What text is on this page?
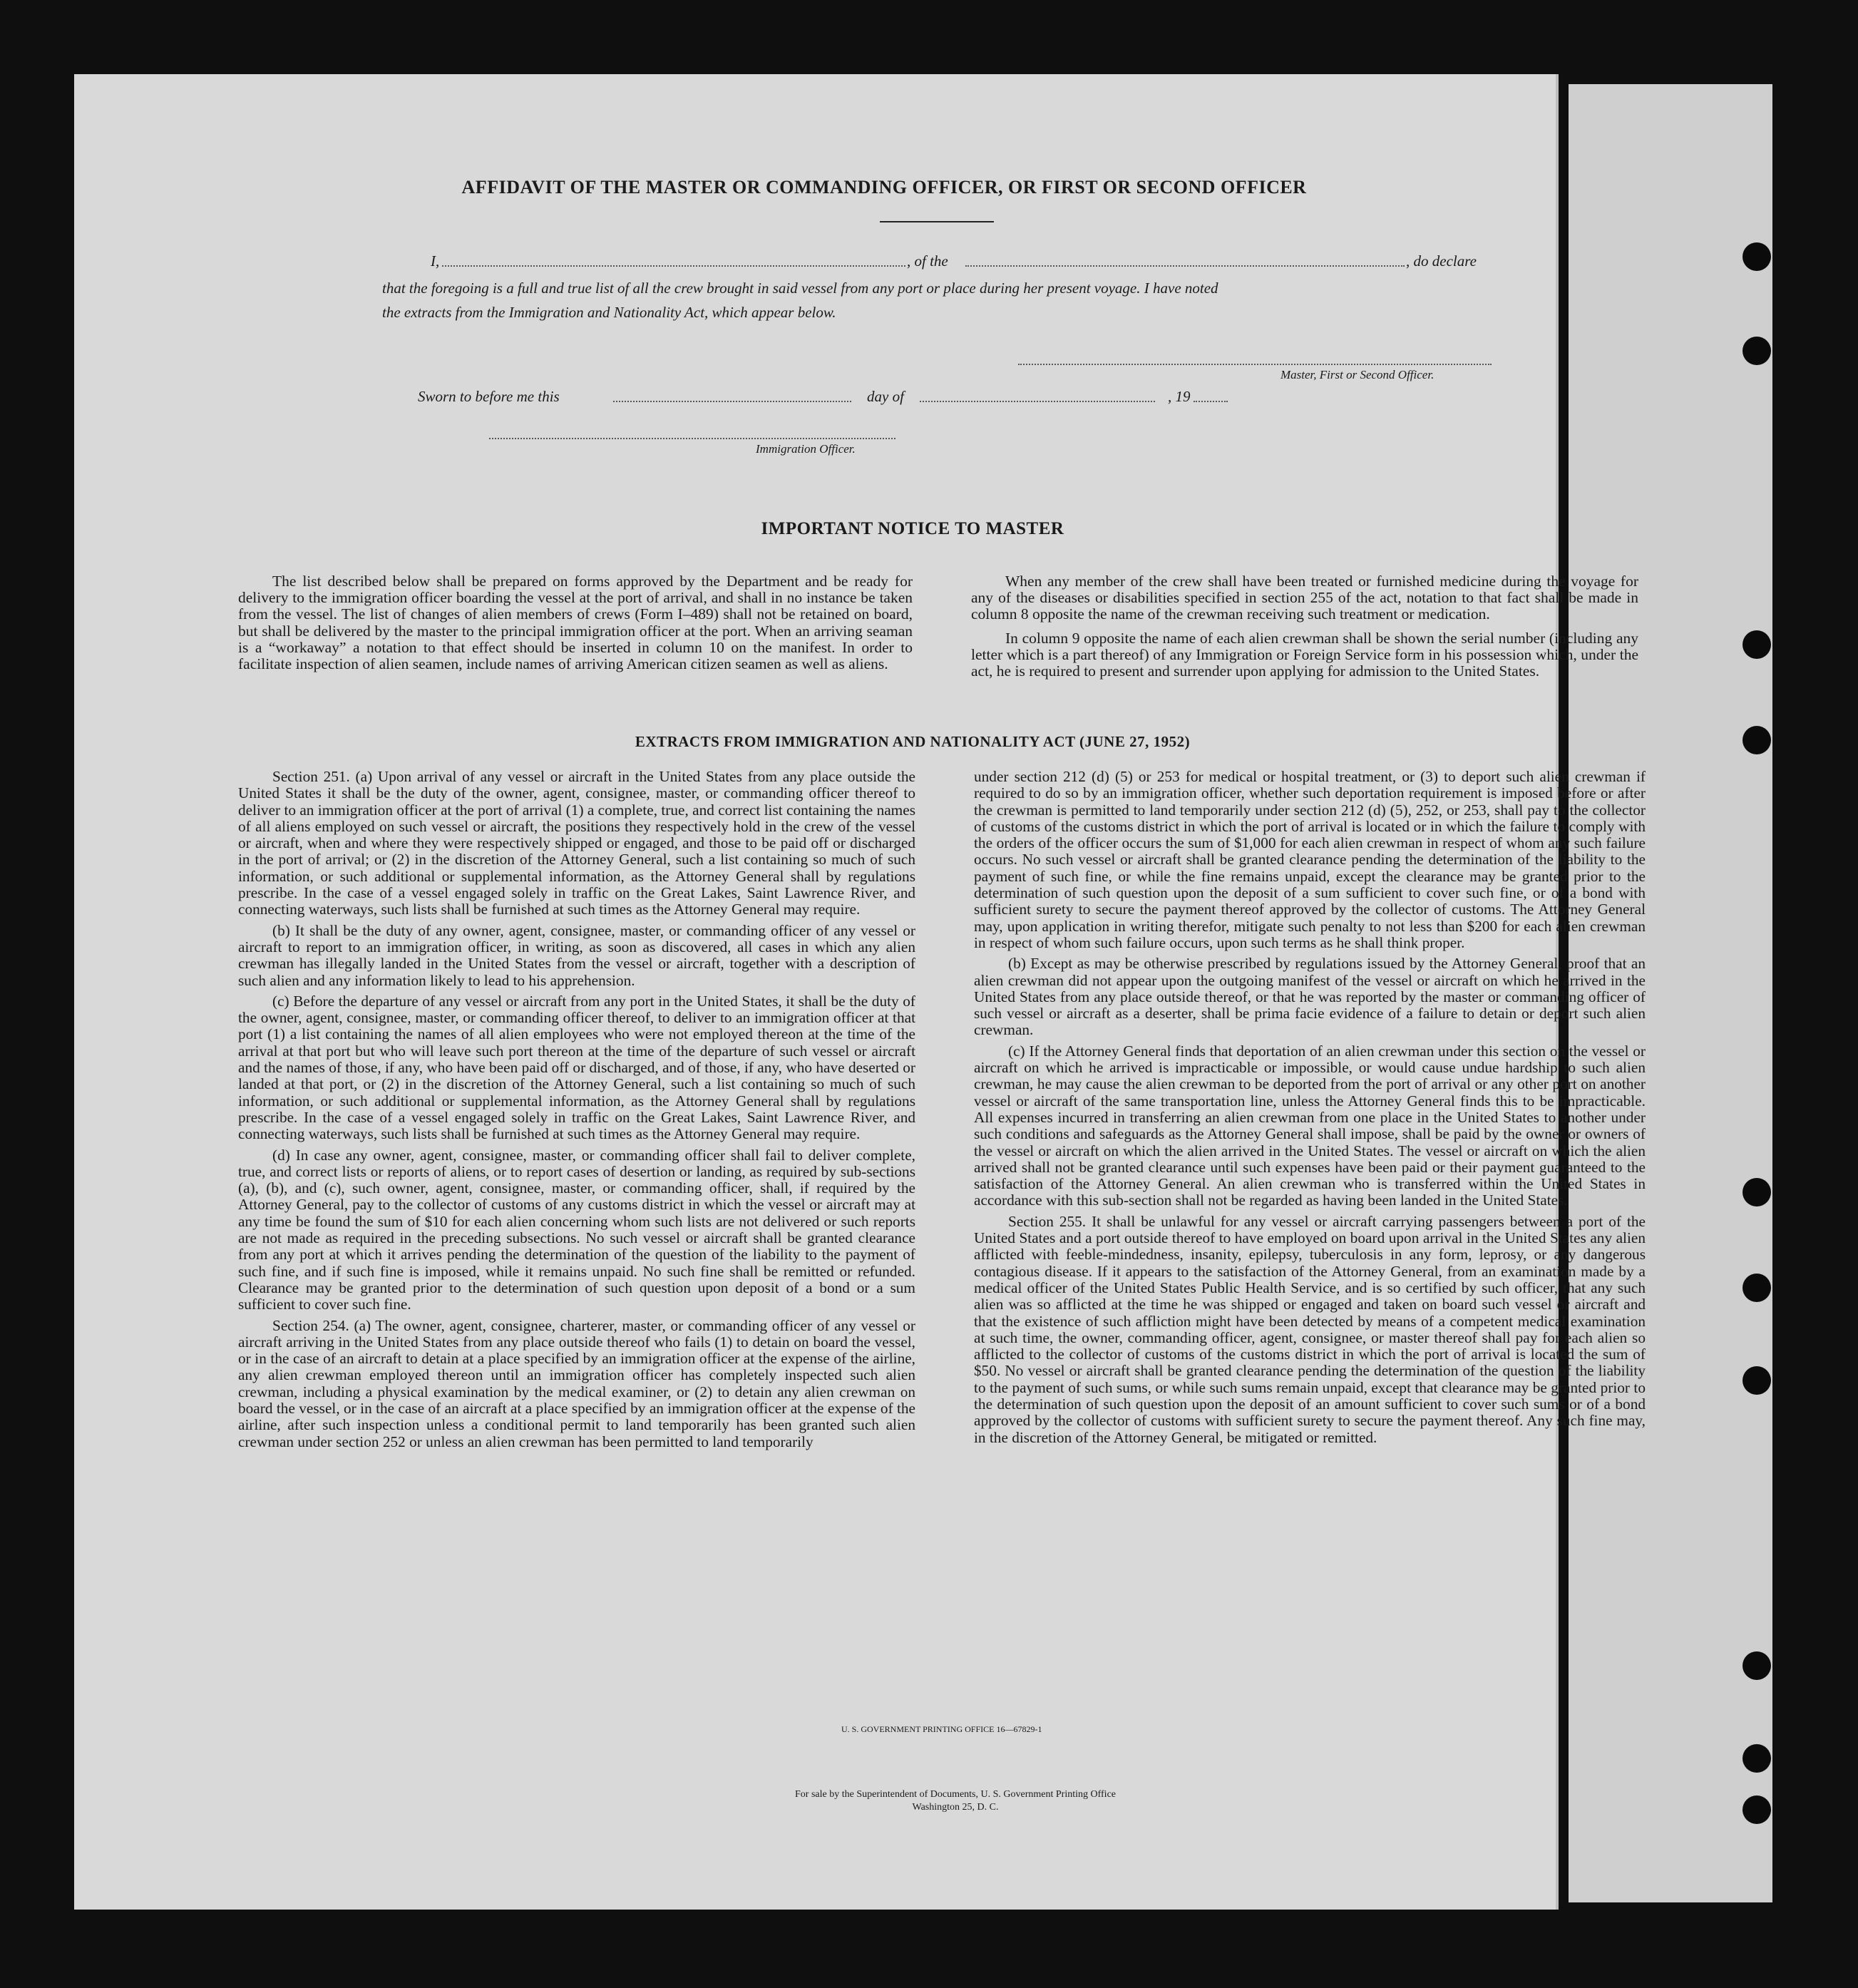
AFFIDAVIT OF THE MASTER OR COMMANDING OFFICER, OR FIRST OR SECOND OFFICER
I,	, of the	, do declare
that the foregoing is a full and true list of all the crew brought in said vessel from any port or place during her present voyage. I have noted
the extracts from the Immigration and Nationality Act, which appear below.
Master, First or Second Officer.
Sworn to before me this	day of	, 19
Immigration Officer.
IMPORTANT NOTICE TO MASTER

The list described below shall be prepared on forms approved by the Department and be ready for delivery to the immigration officer boarding the vessel at the port of arrival, and shall in no instance be taken from the vessel. The list of changes of alien members of crews (Form I–489) shall not be retained on board, but shall be delivered by the master to the principal immigration officer at the port. When an arriving seaman is a “workaway” a notation to that effect should be inserted in column 10 on the manifest. In order to facilitate inspection of alien seamen, include names of arriving American citizen seamen as well as aliens.

When any member of the crew shall have been treated or furnished medicine during the voyage for any of the diseases or disabilities specified in section 255 of the act, notation to that fact shall be made in column 8 opposite the name of the crewman receiving such treatment or medication.

In column 9 opposite the name of each alien crewman shall be shown the serial number (including any letter which is a part thereof) of any Immigration or Foreign Service form in his possession which, under the act, he is required to present and surrender upon applying for admission to the United States.

EXTRACTS FROM IMMIGRATION AND NATIONALITY ACT (JUNE 27, 1952)

Section 251. (a) Upon arrival of any vessel or aircraft in the United States from any place outside the United States it shall be the duty of the owner, agent, consignee, master, or commanding officer thereof to deliver to an immigration officer at the port of arrival (1) a complete, true, and correct list containing the names of all aliens employed on such vessel or aircraft, the positions they respectively hold in the crew of the vessel or aircraft, when and where they were respectively shipped or engaged, and those to be paid off or discharged in the port of arrival; or (2) in the discretion of the Attorney General, such a list containing so much of such information, or such additional or supplemental information, as the Attorney General shall by regulations prescribe. In the case of a vessel engaged solely in traffic on the Great Lakes, Saint Lawrence River, and connecting waterways, such lists shall be furnished at such times as the Attorney General may require.

(b) It shall be the duty of any owner, agent, consignee, master, or commanding officer of any vessel or aircraft to report to an immigration officer, in writing, as soon as discovered, all cases in which any alien crewman has illegally landed in the United States from the vessel or aircraft, together with a description of such alien and any information likely to lead to his apprehension.

(c) Before the departure of any vessel or aircraft from any port in the United States, it shall be the duty of the owner, agent, consignee, master, or commanding officer thereof, to deliver to an immigration officer at that port (1) a list containing the names of all alien employees who were not employed thereon at the time of the arrival at that port but who will leave such port thereon at the time of the departure of such vessel or aircraft and the names of those, if any, who have been paid off or discharged, and of those, if any, who have deserted or landed at that port, or (2) in the discretion of the Attorney General, such a list containing so much of such information, or such additional or supplemental information, as the Attorney General shall by regulations prescribe. In the case of a vessel engaged solely in traffic on the Great Lakes, Saint Lawrence River, and connecting waterways, such lists shall be furnished at such times as the Attorney General may require.

(d) In case any owner, agent, consignee, master, or commanding officer shall fail to deliver complete, true, and correct lists or reports of aliens, or to report cases of desertion or landing, as required by sub-sections (a), (b), and (c), such owner, agent, consignee, master, or commanding officer, shall, if required by the Attorney General, pay to the collector of customs of any customs district in which the vessel or aircraft may at any time be found the sum of $10 for each alien concerning whom such lists are not delivered or such reports are not made as required in the preceding subsections. No such vessel or aircraft shall be granted clearance from any port at which it arrives pending the determination of the question of the liability to the payment of such fine, and if such fine is imposed, while it remains unpaid. No such fine shall be remitted or refunded. Clearance may be granted prior to the determination of such question upon deposit of a bond or a sum sufficient to cover such fine.

Section 254. (a) The owner, agent, consignee, charterer, master, or commanding officer of any vessel or aircraft arriving in the United States from any place outside thereof who fails (1) to detain on board the vessel, or in the case of an aircraft to detain at a place specified by an immigration officer at the expense of the airline, any alien crewman employed thereon until an immigration officer has completely inspected such alien crewman, including a physical examination by the medical examiner, or (2) to detain any alien crewman on board the vessel, or in the case of an aircraft at a place specified by an immigration officer at the expense of the airline, after such inspection unless a conditional permit to land temporarily has been granted such alien crewman under section 252 or unless an alien crewman has been permitted to land temporarily

under section 212 (d) (5) or 253 for medical or hospital treatment, or (3) to deport such alien crewman if required to do so by an immigration officer, whether such deportation requirement is imposed before or after the crewman is permitted to land temporarily under section 212 (d) (5), 252, or 253, shall pay to the collector of customs of the customs district in which the port of arrival is located or in which the failure to comply with the orders of the officer occurs the sum of $1,000 for each alien crewman in respect of whom any such failure occurs. No such vessel or aircraft shall be granted clearance pending the determination of the liability to the payment of such fine, or while the fine remains unpaid, except the clearance may be granted prior to the determination of such question upon the deposit of a sum sufficient to cover such fine, or of a bond with sufficient surety to secure the payment thereof approved by the collector of customs. The Attorney General may, upon application in writing therefor, mitigate such penalty to not less than $200 for each alien crewman in respect of whom such failure occurs, upon such terms as he shall think proper.

(b) Except as may be otherwise prescribed by regulations issued by the Attorney General, proof that an alien crewman did not appear upon the outgoing manifest of the vessel or aircraft on which he arrived in the United States from any place outside thereof, or that he was reported by the master or commanding officer of such vessel or aircraft as a deserter, shall be prima facie evidence of a failure to detain or deport such alien crewman.

(c) If the Attorney General finds that deportation of an alien crewman under this section on the vessel or aircraft on which he arrived is impracticable or impossible, or would cause undue hardship to such alien crewman, he may cause the alien crewman to be deported from the port of arrival or any other port on another vessel or aircraft of the same transportation line, unless the Attorney General finds this to be impracticable. All expenses incurred in transferring an alien crewman from one place in the United States to another under such conditions and safeguards as the Attorney General shall impose, shall be paid by the owner or owners of the vessel or aircraft on which the alien arrived in the United States. The vessel or aircraft on which the alien arrived shall not be granted clearance until such expenses have been paid or their payment guaranteed to the satisfaction of the Attorney General. An alien crewman who is transferred within the United States in accordance with this sub-section shall not be regarded as having been landed in the United States.

Section 255. It shall be unlawful for any vessel or aircraft carrying passengers between a port of the United States and a port outside thereof to have employed on board upon arrival in the United States any alien afflicted with feeble-mindedness, insanity, epilepsy, tuberculosis in any form, leprosy, or any dangerous contagious disease. If it appears to the satisfaction of the Attorney General, from an examination made by a medical officer of the United States Public Health Service, and is so certified by such officer, that any such alien was so afflicted at the time he was shipped or engaged and taken on board such vessel or aircraft and that the existence of such affliction might have been detected by means of a competent medical examination at such time, the owner, commanding officer, agent, consignee, or master thereof shall pay for each alien so afflicted to the collector of customs of the customs district in which the port of arrival is located the sum of $50. No vessel or aircraft shall be granted clearance pending the determination of the question of the liability to the payment of such sums, or while such sums remain unpaid, except that clearance may be granted prior to the determination of such question upon the deposit of an amount sufficient to cover such sums or of a bond approved by the collector of customs with sufficient surety to secure the payment thereof. Any such fine may, in the discretion of the Attorney General, be mitigated or remitted.

U. S. GOVERNMENT PRINTING OFFICE 16—67829-1
For sale by the Superintendent of Documents, U. S. Government Printing Office
Washington 25, D. C.
